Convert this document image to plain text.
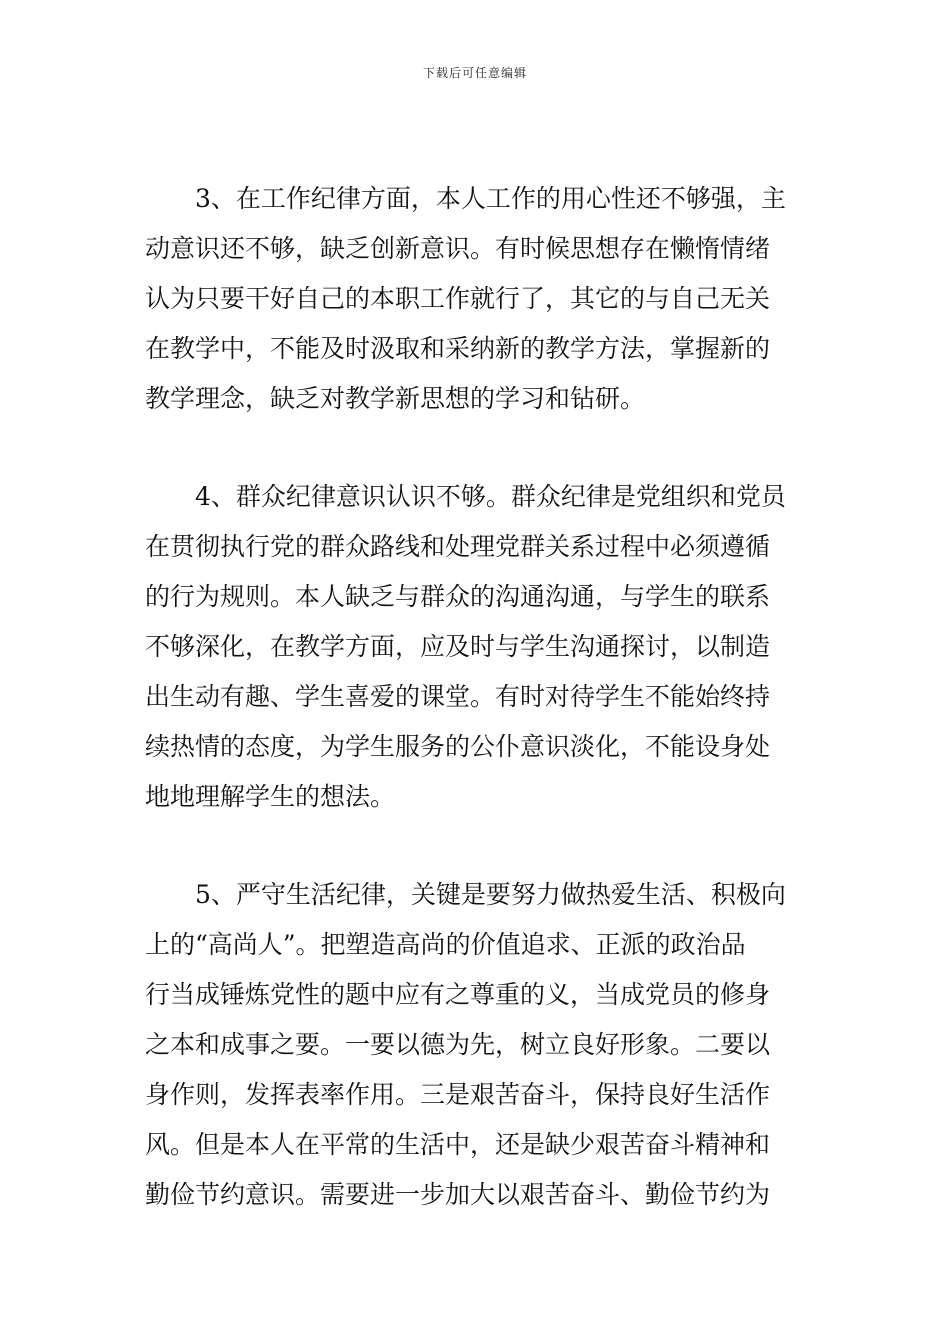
下载后可任意编辑
3、在工作纪律方面，本人工作的用心性还不够强，主
动意识还不够，缺乏创新意识。有时候思想存在懒惰情绪
认为只要干好自己的本职工作就行了，其它的与自己无关
在教学中，不能及时汲取和采纳新的教学方法，掌握新的
教学理念，缺乏对教学新思想的学习和钻研。
4、群众纪律意识认识不够。群众纪律是党组织和党员
在贯彻执行党的群众路线和处理党群关系过程中必须遵循
的行为规则。本人缺乏与群众的沟通沟通，与学生的联系
不够深化，在教学方面，应及时与学生沟通探讨，以制造
出生动有趣、学生喜爱的课堂。有时对待学生不能始终持
续热情的态度，为学生服务的公仆意识淡化，不能设身处
地地理解学生的想法。
5、严守生活纪律，关键是要努力做热爱生活、积极向
上的“高尚人”。把塑造高尚的价值追求、正派的政治品
行当成锤炼党性的题中应有之尊重的义，当成党员的修身
之本和成事之要。一要以德为先，树立良好形象。二要以
身作则，发挥表率作用。三是艰苦奋斗，保持良好生活作
风。但是本人在平常的生活中，还是缺少艰苦奋斗精神和
勤俭节约意识。需要进一步加大以艰苦奋斗、勤俭节约为
